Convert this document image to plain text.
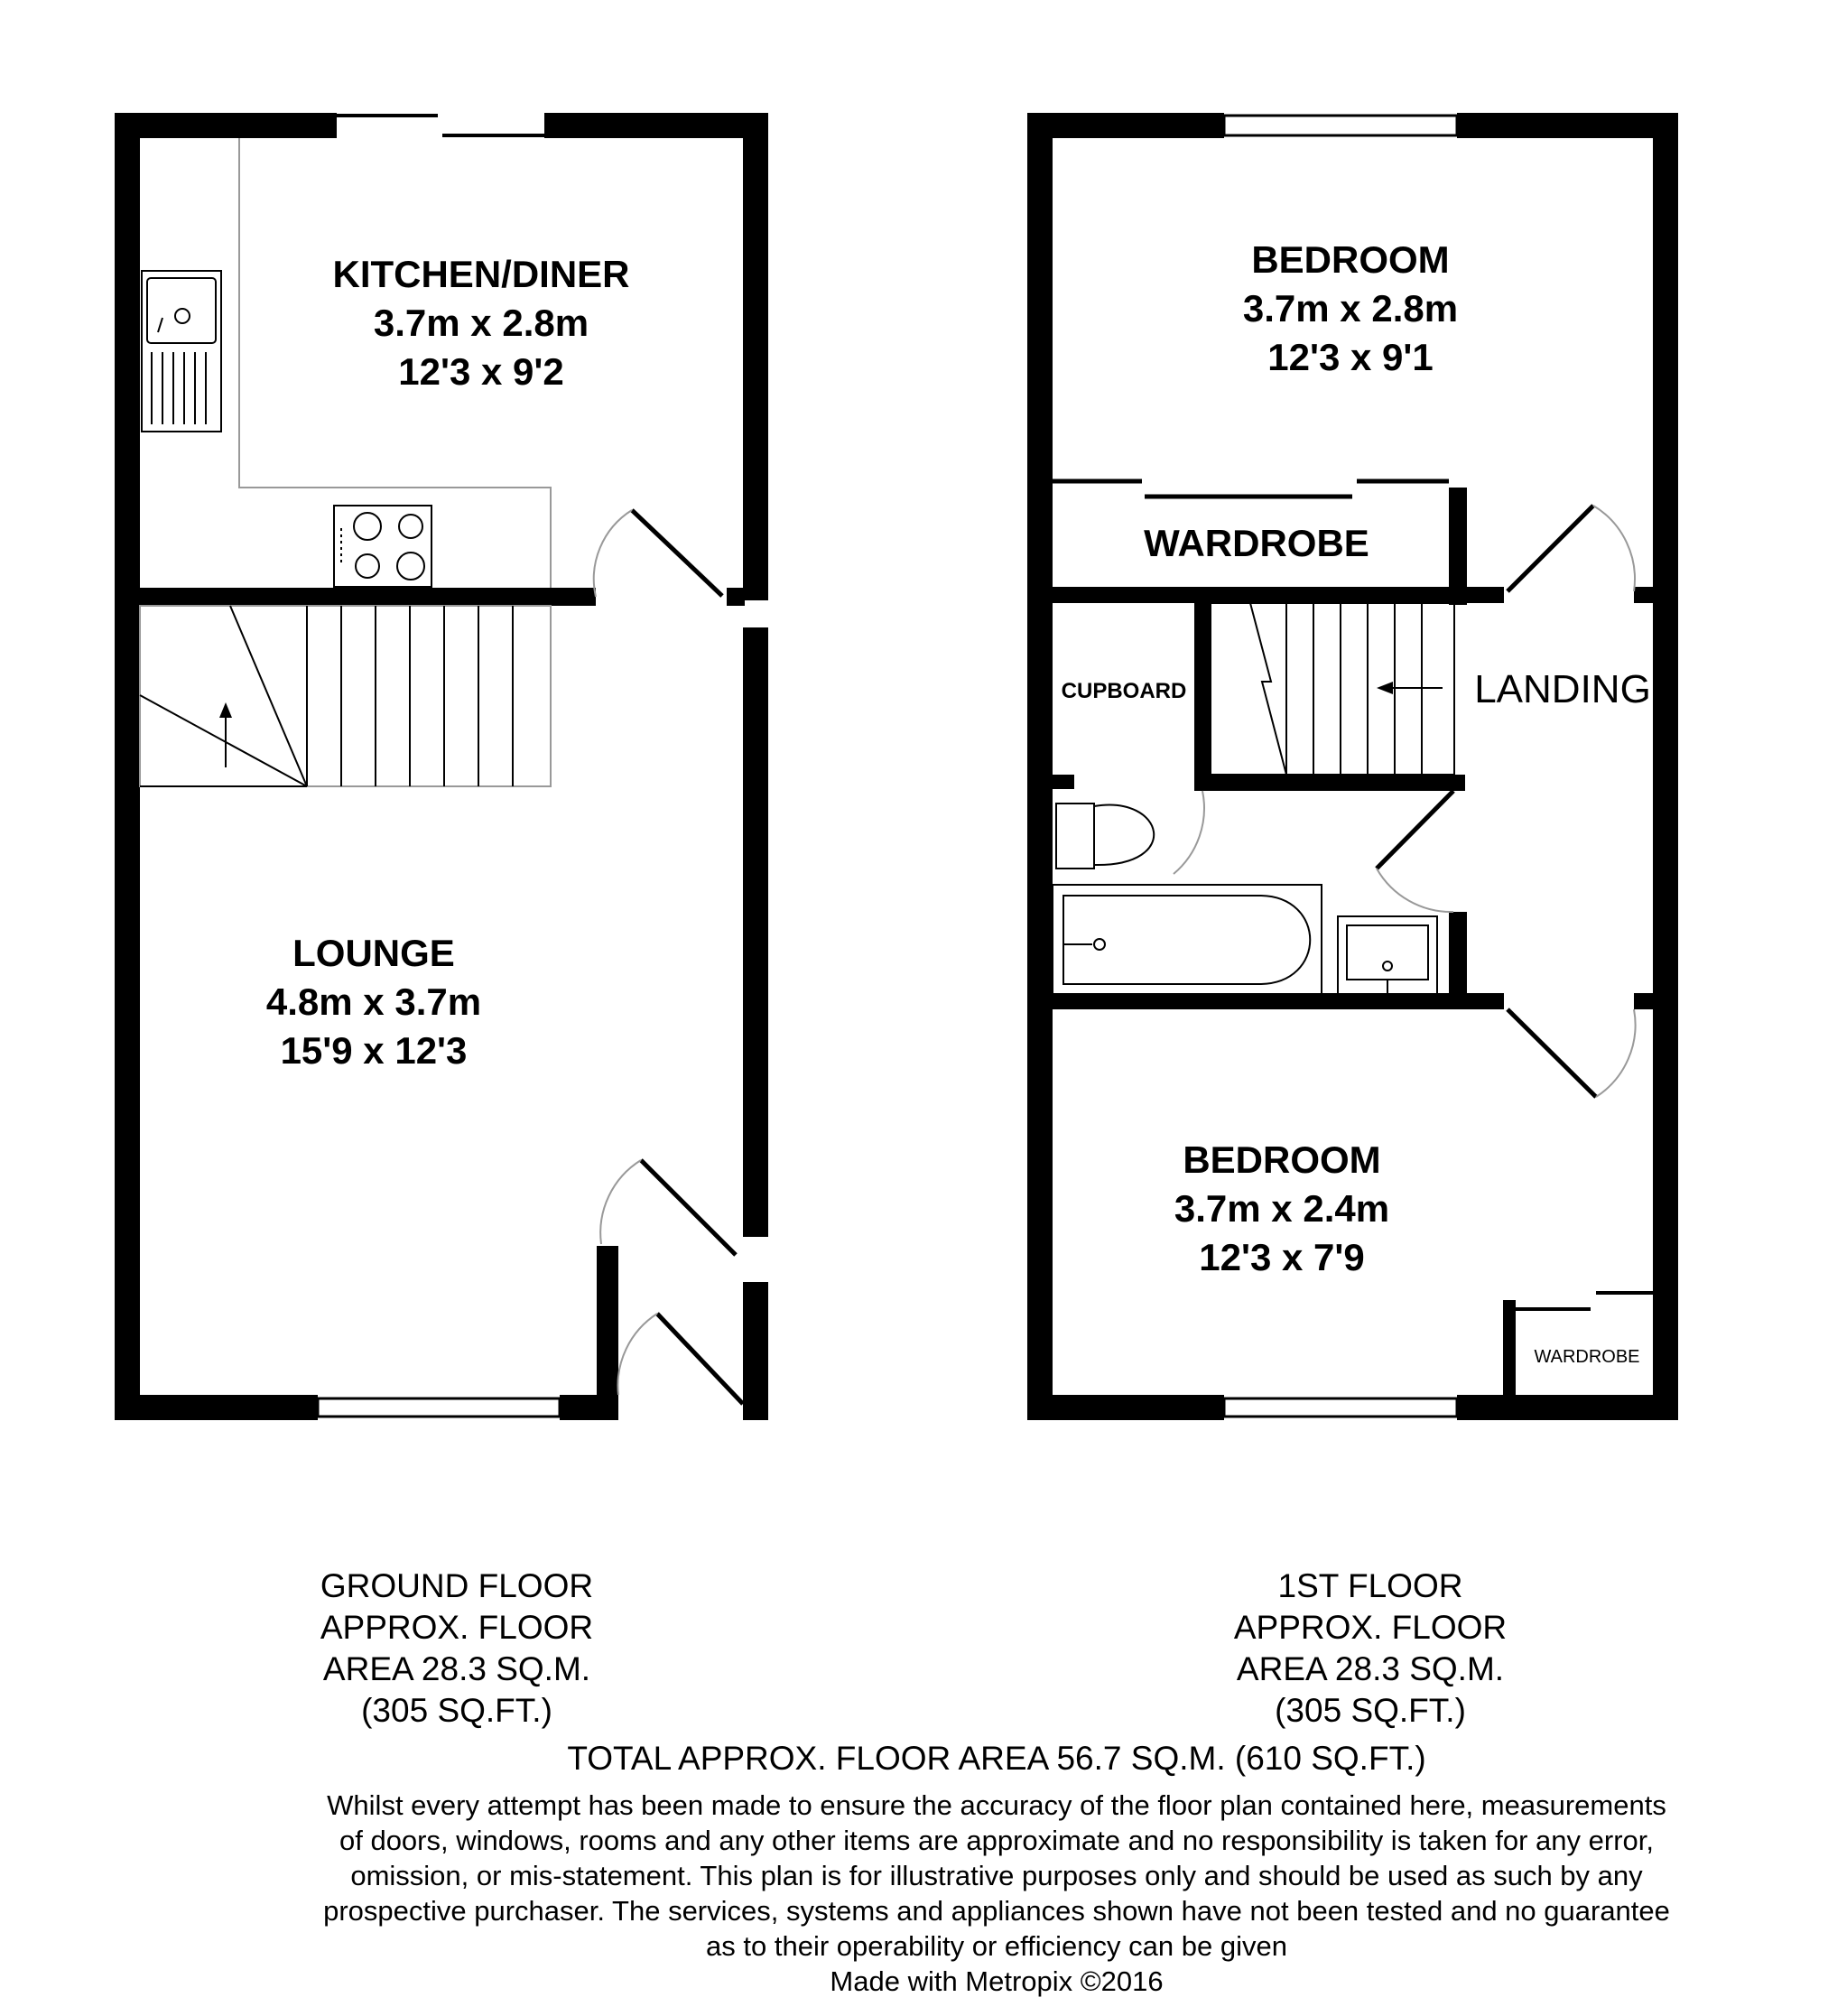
KITCHEN/DINER
3.7m x 2.8m
12'3 x 9'2
LOUNGE
4.8m x 3.7m
15'9 x 12'3
BEDROOM
3.7m x 2.8m
12'3 x 9'1
WARDROBE
CUPBOARD	LANDING
BEDROOM
3.7m x 2.4m
12'3 x 7'9
WARDROBE
GROUND FLOOR
APPROX. FLOOR
AREA 28.3 SQ.M.
(305 SQ.FT.)
1ST FLOOR
APPROX. FLOOR
AREA 28.3 SQ.M.
(305 SQ.FT.)
TOTAL APPROX. FLOOR AREA 56.7 SQ.M. (610 SQ.FT.)
Whilst every attempt has been made to ensure the accuracy of the floor plan contained here, measurements
of doors, windows, rooms and any other items are approximate and no responsibility is taken for any error,
omission, or mis-statement. This plan is for illustrative purposes only and should be used as such by any
prospective purchaser. The services, systems and appliances shown have not been tested and no guarantee
as to their operability or efficiency can be given
Made with Metropix ©2016
